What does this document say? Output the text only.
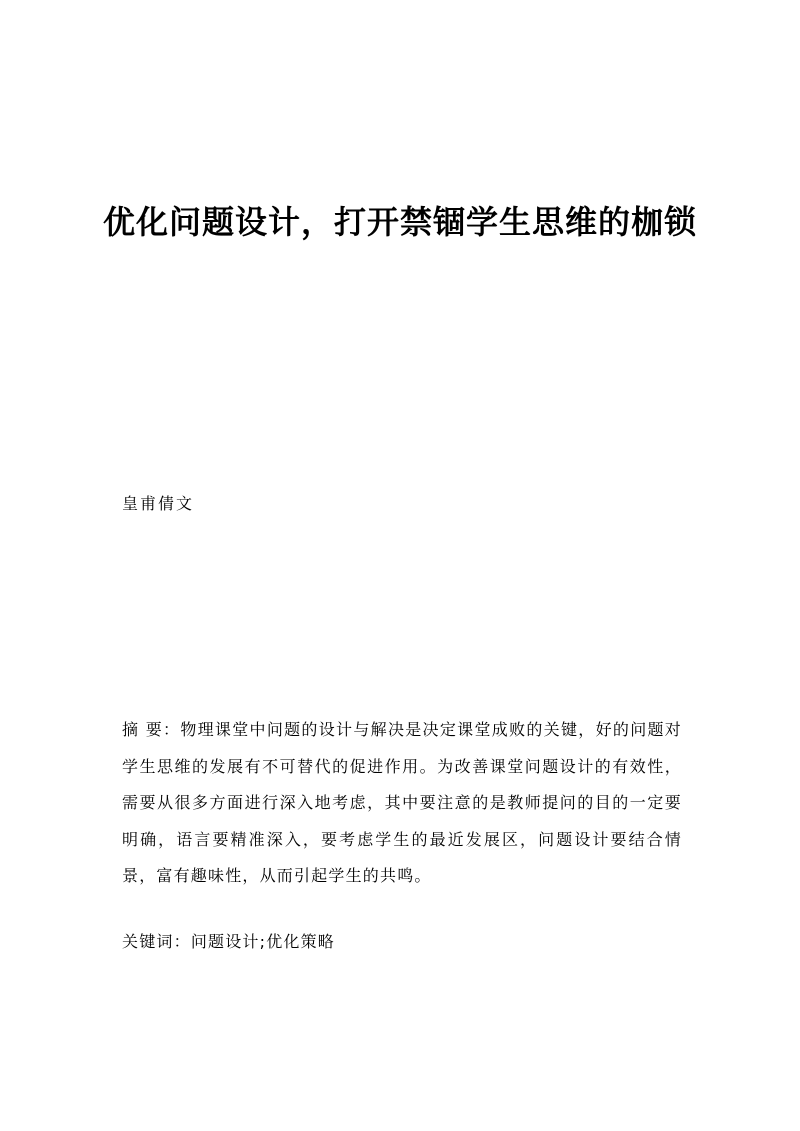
优化问题设计，打开禁锢学生思维的枷锁
皇甫倩文
摘 要：物理课堂中问题的设计与解决是决定课堂成败的关键，好的问题对学生思维的发展有不可替代的促进作用。为改善课堂问题设计的有效性，需要从很多方面进行深入地考虑，其中要注意的是教师提问的目的一定要明确，语言要精准深入，要考虑学生的最近发展区，问题设计要结合情景，富有趣味性，从而引起学生的共鸣。
关键词：问题设计;优化策略
